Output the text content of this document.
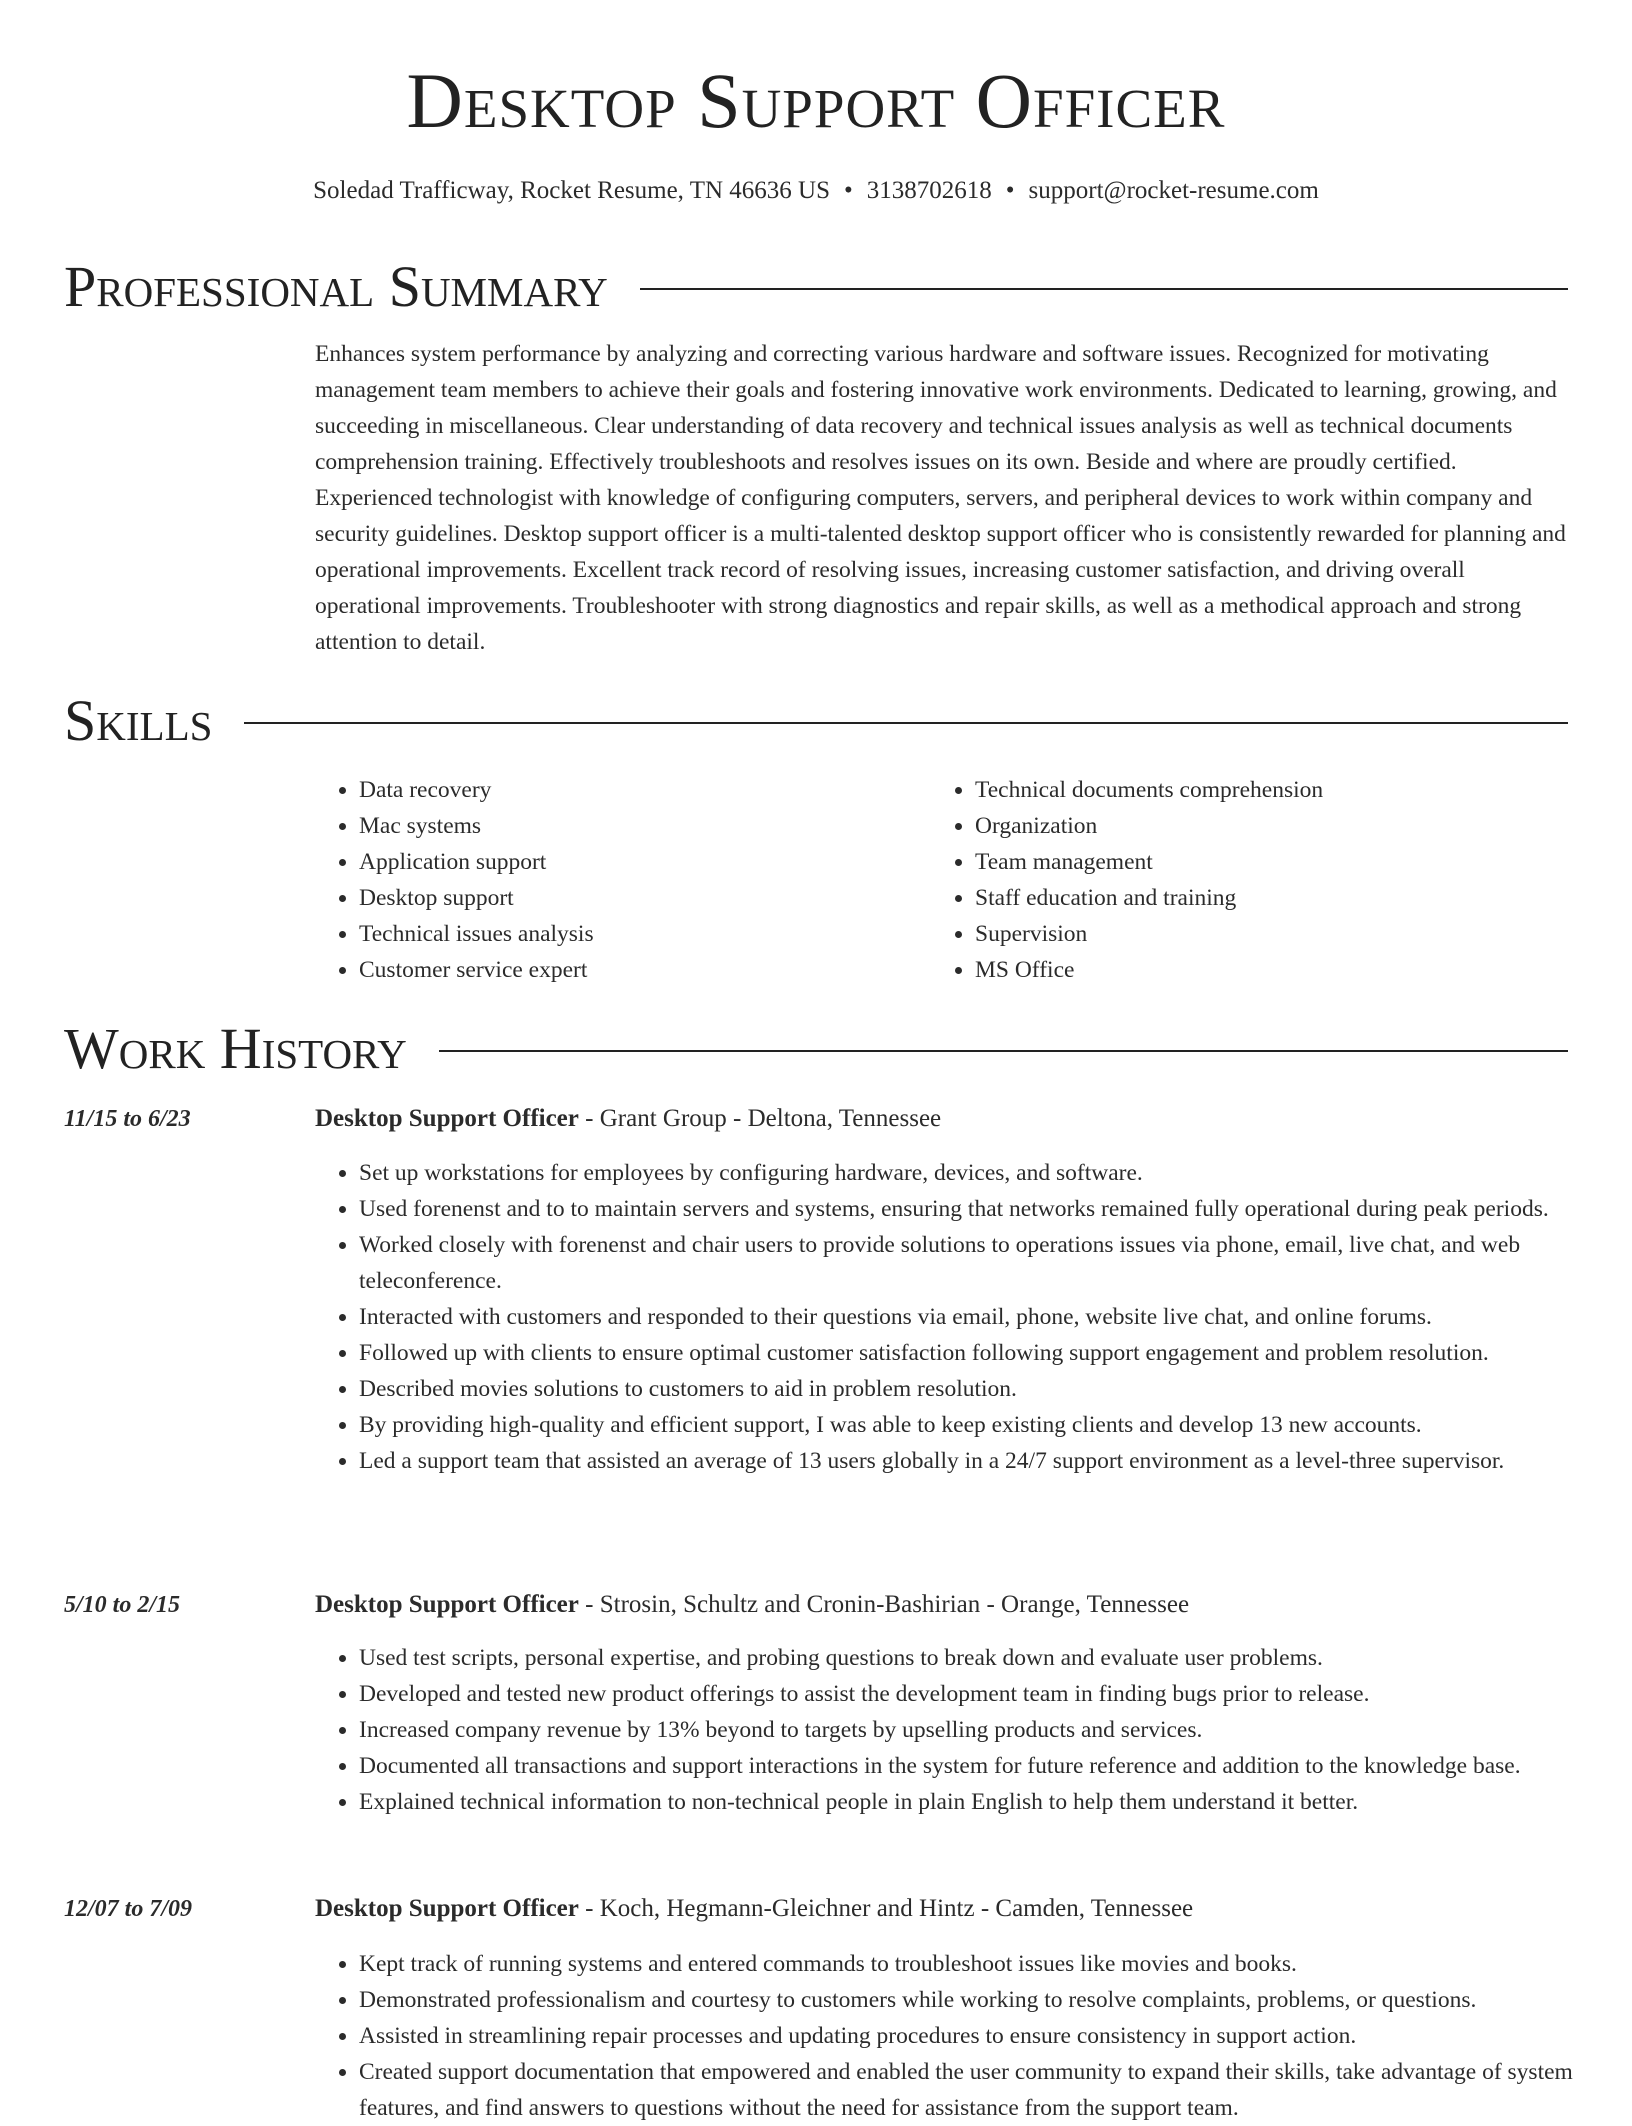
Desktop Support Officer
Soledad Trafficway, Rocket Resume, TN 46636 US • 3138702618 • support@rocket-resume.com
Professional Summary

Enhances system performance by analyzing and correcting various hardware and software issues. Recognized for motivating management team members to achieve their goals and fostering innovative work environments. Dedicated to learning, growing, and succeeding in miscellaneous. Clear understanding of data recovery and technical issues analysis as well as technical documents comprehension training. Effectively troubleshoots and resolves issues on its own. Beside and where are proudly certified. Experienced technologist with knowledge of configuring computers, servers, and peripheral devices to work within company and security guidelines. Desktop support officer is a multi-talented desktop support officer who is consistently rewarded for planning and operational improvements. Excellent track record of resolving issues, increasing customer satisfaction, and driving overall operational improvements. Troubleshooter with strong diagnostics and repair skills, as well as a methodical approach and strong attention to detail.

Skills
• Data recovery
• Mac systems
• Application support
• Desktop support
• Technical issues analysis
• Customer service expert
• Technical documents comprehension
• Organization
• Team management
• Staff education and training
• Supervision
• MS Office
Work History
11/15 to 6/23	Desktop Support Officer - Grant Group - Deltona, Tennessee
• Set up workstations for employees by configuring hardware, devices, and software.
• Used forenenst and to to maintain servers and systems, ensuring that networks remained fully operational during peak periods.
• Worked closely with forenenst and chair users to provide solutions to operations issues via phone, email, live chat, and web teleconference.
• Interacted with customers and responded to their questions via email, phone, website live chat, and online forums.
• Followed up with clients to ensure optimal customer satisfaction following support engagement and problem resolution.
• Described movies solutions to customers to aid in problem resolution.
• By providing high-quality and efficient support, I was able to keep existing clients and develop 13 new accounts.
• Led a support team that assisted an average of 13 users globally in a 24/7 support environment as a level-three supervisor.
5/10 to 2/15	Desktop Support Officer - Strosin, Schultz and Cronin-Bashirian - Orange, Tennessee
• Used test scripts, personal expertise, and probing questions to break down and evaluate user problems.
• Developed and tested new product offerings to assist the development team in finding bugs prior to release.
• Increased company revenue by 13% beyond to targets by upselling products and services.
• Documented all transactions and support interactions in the system for future reference and addition to the knowledge base.
• Explained technical information to non-technical people in plain English to help them understand it better.
12/07 to 7/09	Desktop Support Officer - Koch, Hegmann-Gleichner and Hintz - Camden, Tennessee
• Kept track of running systems and entered commands to troubleshoot issues like movies and books.
• Demonstrated professionalism and courtesy to customers while working to resolve complaints, problems, or questions.
• Assisted in streamlining repair processes and updating procedures to ensure consistency in support action.
• Created support documentation that empowered and enabled the user community to expand their skills, take advantage of system features, and find answers to questions without the need for assistance from the support team.
